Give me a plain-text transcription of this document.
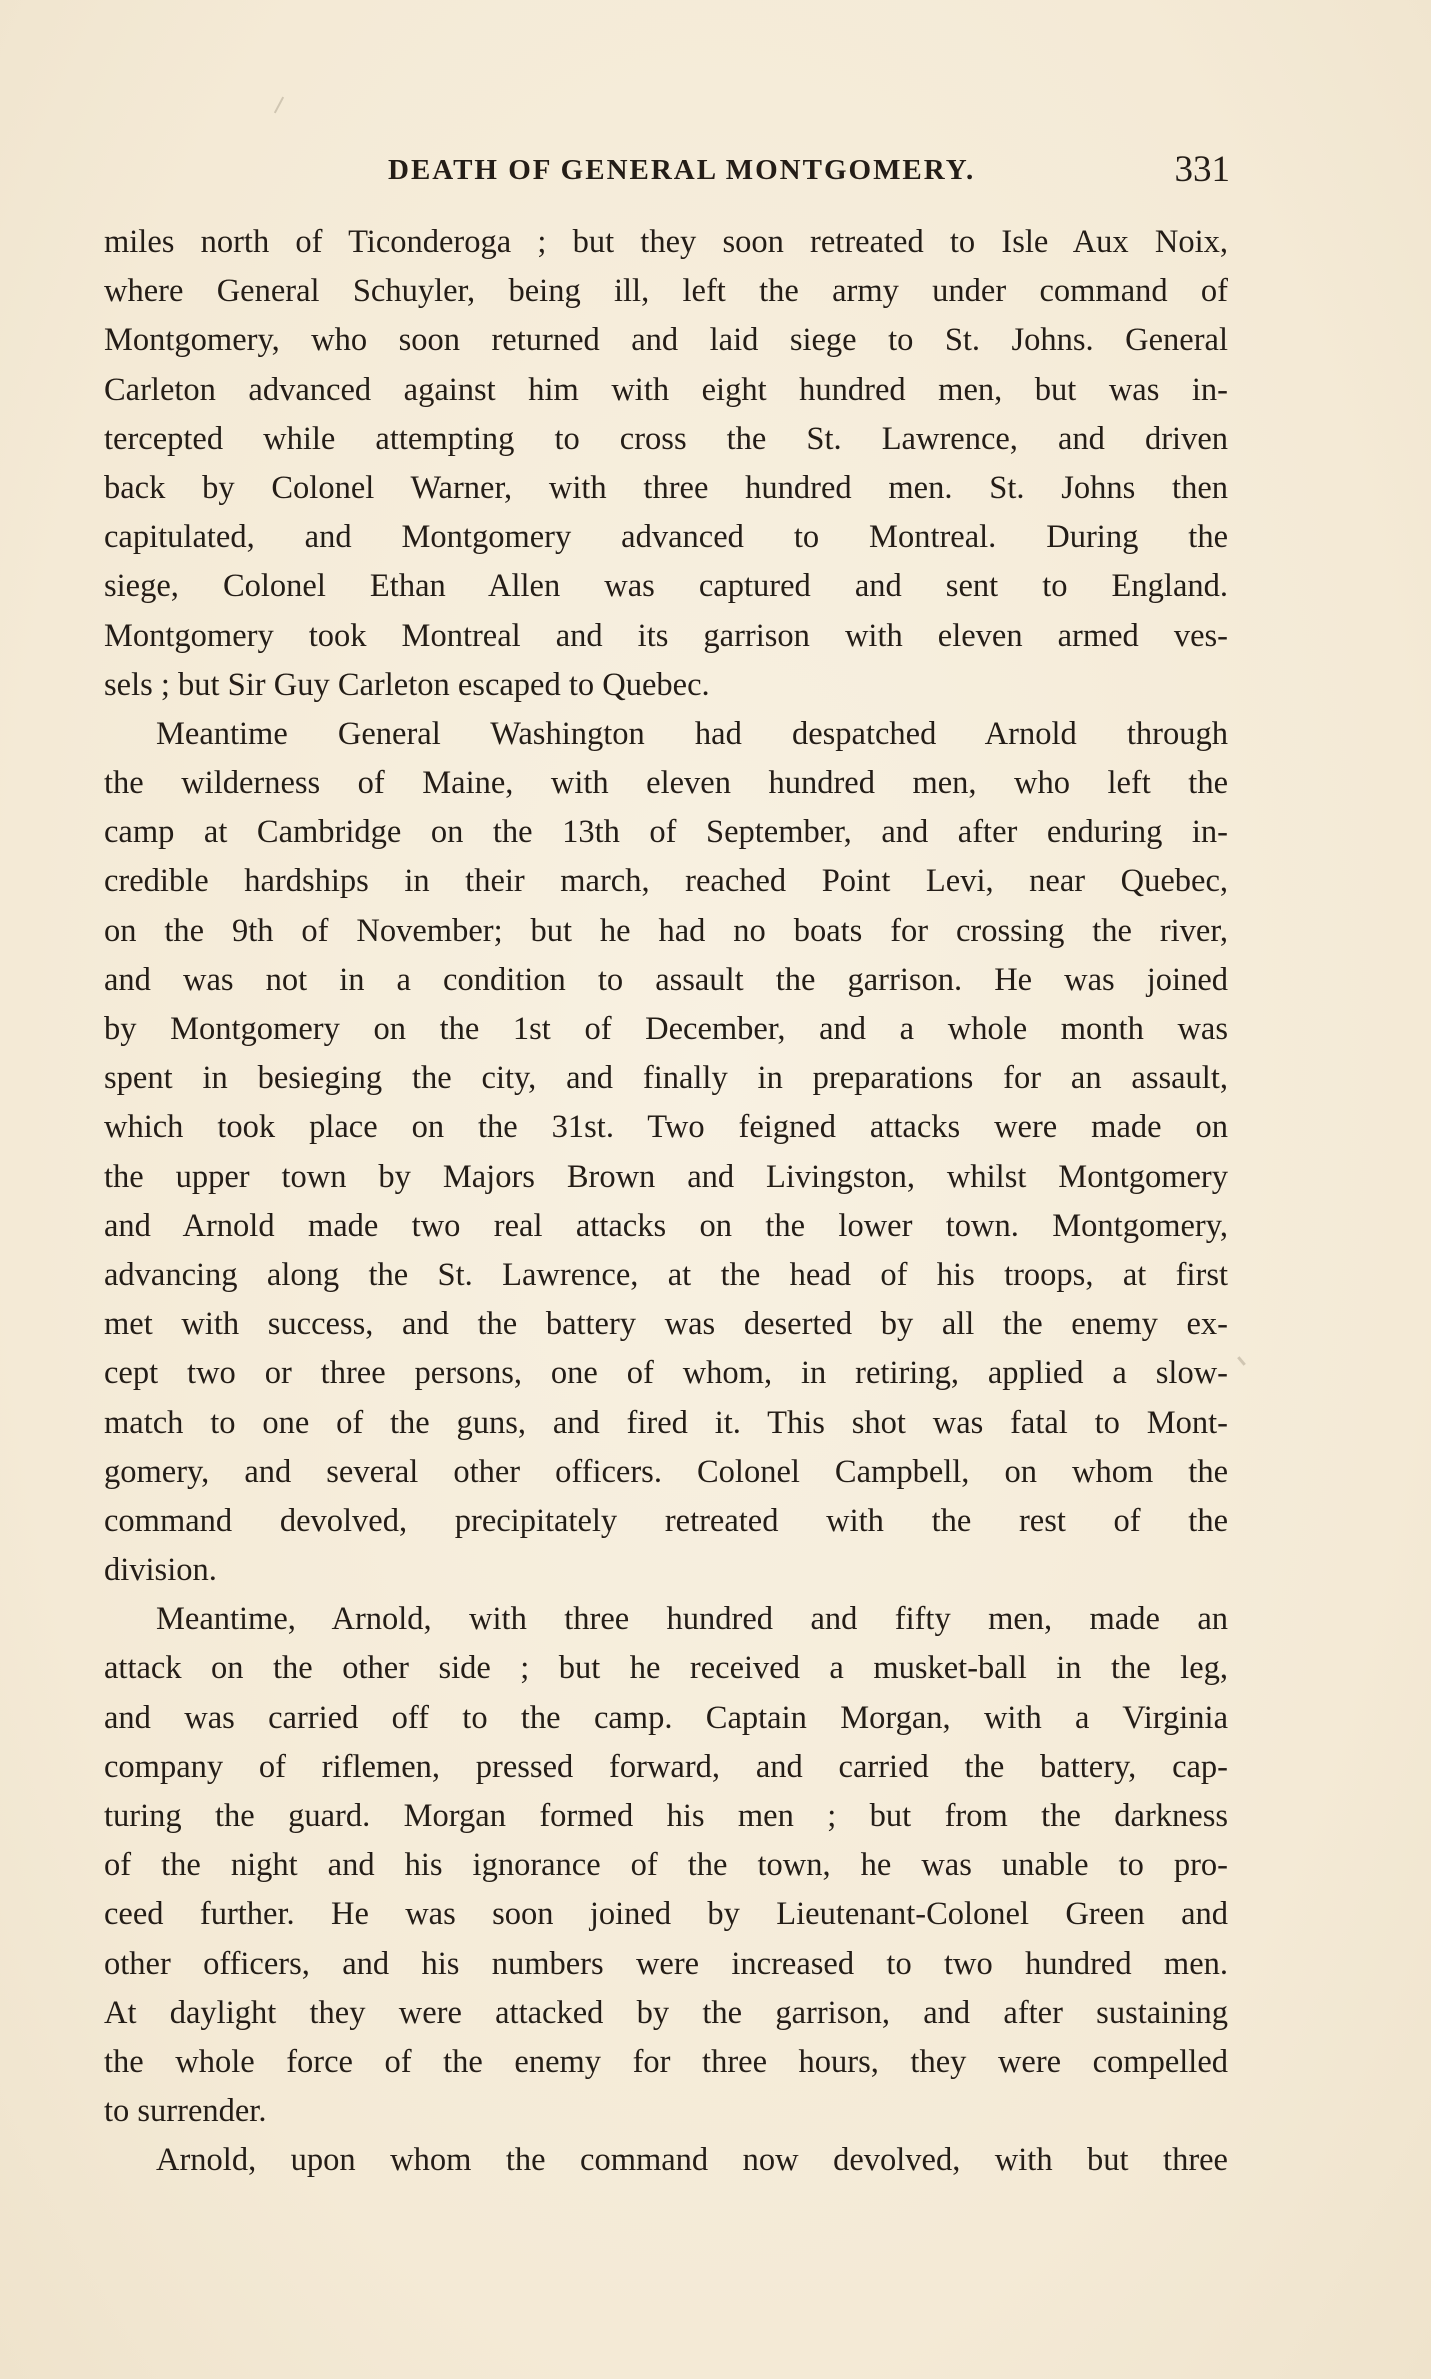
DEATH OF GENERAL MONTGOMERY.	331
miles north of Ticonderoga ; but they soon retreated to Isle Aux Noix,
where General Schuyler, being ill, left the army under command of
Montgomery, who soon returned and laid siege to St. Johns. General
Carleton advanced against him with eight hundred men, but was in-
tercepted while attempting to cross the St. Lawrence, and driven
back by Colonel Warner, with three hundred men. St. Johns then
capitulated, and Montgomery advanced to Montreal. During the
siege, Colonel Ethan Allen was captured and sent to England.
Montgomery took Montreal and its garrison with eleven armed ves-
sels ; but Sir Guy Carleton escaped to Quebec.
Meantime General Washington had despatched Arnold through
the wilderness of Maine, with eleven hundred men, who left the
camp at Cambridge on the 13th of September, and after enduring in-
credible hardships in their march, reached Point Levi, near Quebec,
on the 9th of November; but he had no boats for crossing the river,
and was not in a condition to assault the garrison. He was joined
by Montgomery on the 1st of December, and a whole month was
spent in besieging the city, and finally in preparations for an assault,
which took place on the 31st. Two feigned attacks were made on
the upper town by Majors Brown and Livingston, whilst Montgomery
and Arnold made two real attacks on the lower town. Montgomery,
advancing along the St. Lawrence, at the head of his troops, at first
met with success, and the battery was deserted by all the enemy ex-
cept two or three persons, one of whom, in retiring, applied a slow-
match to one of the guns, and fired it. This shot was fatal to Mont-
gomery, and several other officers. Colonel Campbell, on whom the
command devolved, precipitately retreated with the rest of the
division.
Meantime, Arnold, with three hundred and fifty men, made an
attack on the other side ; but he received a musket-ball in the leg,
and was carried off to the camp. Captain Morgan, with a Virginia
company of riflemen, pressed forward, and carried the battery, cap-
turing the guard. Morgan formed his men ; but from the darkness
of the night and his ignorance of the town, he was unable to pro-
ceed further. He was soon joined by Lieutenant-Colonel Green and
other officers, and his numbers were increased to two hundred men.
At daylight they were attacked by the garrison, and after sustaining
the whole force of the enemy for three hours, they were compelled
to surrender.
Arnold, upon whom the command now devolved, with but three
